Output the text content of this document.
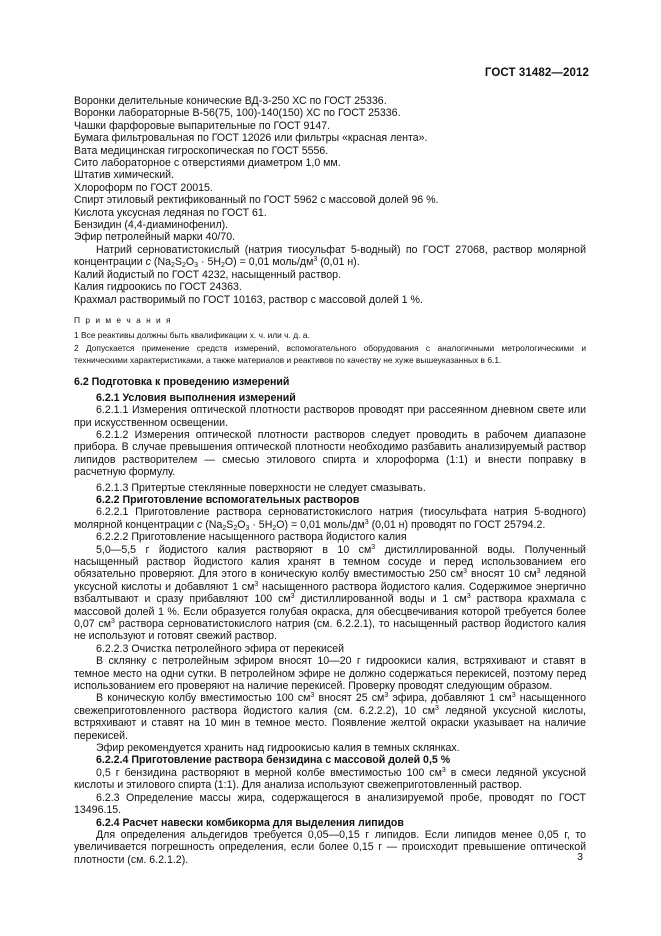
ГОСТ 31482—2012

Воронки делительные конические ВД-3-250 ХС по ГОСТ 25336.

Воронки лабораторные В-56(75, 100)-140(150) ХС по ГОСТ 25336.

Чашки фарфоровые выпарительные по ГОСТ 9147.

Бумага фильтровальная по ГОСТ 12026 или фильтры «красная лента».

Вата медицинская гигроскопическая по ГОСТ 5556.

Сито лабораторное с отверстиями диаметром 1,0 мм.

Штатив химический.

Хлороформ по ГОСТ 20015.

Спирт этиловый ректификованный по ГОСТ 5962 с массовой долей 96 %.

Кислота уксусная ледяная по ГОСТ 61.

Бензидин (4,4-диаминофенил).

Эфир петролейный марки 40/70.

Натрий серноватистокислый (натрия тиосульфат 5-водный) по ГОСТ 27068, раствор молярной концентрации c $(Na_2S_2O_3 \cdot 5H_2O) = 0,01$ моль/$дм^3$ (0,01 н).

Калий йодистый по ГОСТ 4232, насыщенный раствор.

Калия гидроокись по ГОСТ 24363.

Крахмал растворимый по ГОСТ 10163, раствор с массовой долей 1 %.

П р и м е ч а н и я

1 Все реактивы должны быть квалификации х. ч. или ч. д. а.

2 Допускается применение средств измерений, вспомогательного оборудования с аналогичными метрологическими и техническими характеристиками, а также материалов и реактивов по качеству не хуже вышеуказанных в 6.1.

6.2 Подготовка к проведению измерений

6.2.1 Условия выполнения измерений

6.2.1.1 Измерения оптической плотности растворов проводят при рассеянном дневном свете или при искусственном освещении.

6.2.1.2 Измерения оптической плотности растворов следует проводить в рабочем диапазоне прибора. В случае превышения оптической плотности необходимо разбавить анализируемый раствор липидов растворителем — смесью этилового спирта и хлороформа (1:1) и внести поправку в расчетную формулу.

6.2.1.3 Притертые стеклянные поверхности не следует смазывать.

6.2.2 Приготовление вспомогательных растворов

6.2.2.1 Приготовление раствора серноватистокислого натрия (тиосульфата натрия 5-водного) молярной концентрации c $(Na_2S_2O_3 \cdot 5H_2O) = 0,01$ моль/$дм^3$ (0,01 н) проводят по ГОСТ 25794.2.

6.2.2.2 Приготовление насыщенного раствора йодистого калия

5,0—5,5 г йодистого калия растворяют в 10 $см^3$ дистиллированной воды. Полученный насыщенный раствор йодистого калия хранят в темном сосуде и перед использованием его обязательно проверяют. Для этого в коническую колбу вместимостью 250 $см^3$ вносят 10 $см^3$ ледяной уксусной кислоты и добавляют 1 $см^3$ насыщенного раствора йодистого калия. Содержимое энергично взбалтывают и сразу прибавляют 100 $см^3$ дистиллированной воды и 1 $см^3$ раствора крахмала с массовой долей 1 %. Если образуется голубая окраска, для обесцвечивания которой требуется более 0,07 $см^3$ раствора серноватистокислого натрия (см. 6.2.2.1), то насыщенный раствор йодистого калия не используют и готовят свежий раствор.

6.2.2.3 Очистка петролейного эфира от перекисей

В склянку с петролейным эфиром вносят 10—20 г гидроокиси калия, встряхивают и ставят в темное место на одни сутки. В петролейном эфире не должно содержаться перекисей, поэтому перед использованием его проверяют на наличие перекисей. Проверку проводят следующим образом.

В коническую колбу вместимостью 100 $см^3$ вносят 25 $см^3$ эфира, добавляют 1 $см^3$ насыщенного свежеприготовленного раствора йодистого калия (см. 6.2.2.2), 10 $см^3$ ледяной уксусной кислоты, встряхивают и ставят на 10 мин в темное место. Появление желтой окраски указывает на наличие перекисей.

Эфир рекомендуется хранить над гидроокисью калия в темных склянках.

6.2.2.4 Приготовление раствора бензидина с массовой долей 0,5 %

0,5 г бензидина растворяют в мерной колбе вместимостью 100 $см^3$ в смеси ледяной уксусной кислоты и этилового спирта (1:1). Для анализа используют свежеприготовленный раствор.

6.2.3 Определение массы жира, содержащегося в анализируемой пробе, проводят по ГОСТ 13496.15.

6.2.4 Расчет навески комбикорма для выделения липидов

Для определения альдегидов требуется 0,05—0,15 г липидов. Если липидов менее 0,05 г, то увеличивается погрешность определения, если более 0,15 г — происходит превышение оптической плотности (см. 6.2.1.2).	3
